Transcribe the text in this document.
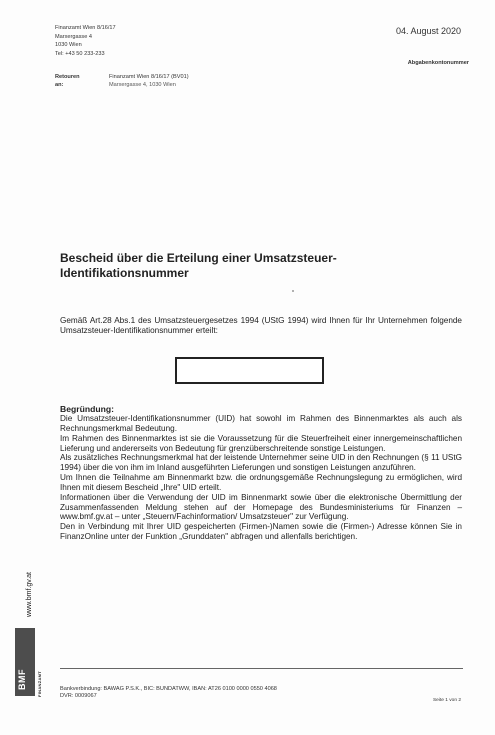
Finanzamt Wien 8/16/17
Marxergasse 4
1030 Wien
Tel: +43 50 233-233
04. August 2020
Abgabenkontonummer
Retouren an:
Finanzamt Wien 8/16/17 (BV01)
Marxergasse 4, 1030 Wien
Bescheid über die Erteilung einer Umsatzsteuer-Identifikationsnummer
Gemäß Art.28 Abs.1 des Umsatzsteuergesetzes 1994 (UStG 1994) wird Ihnen für Ihr Unternehmen folgende Umsatzsteuer-Identifikationsnummer erteilt:
Begründung:

Die Umsatzsteuer-Identifikationsnummer (UID) hat sowohl im Rahmen des Binnenmarktes als auch als Rechnungsmerkmal Bedeutung.

Im Rahmen des Binnenmarktes ist sie die Voraussetzung für die Steuerfreiheit einer innergemeinschaftlichen Lieferung und andererseits von Bedeutung für grenzüberschreitende sonstige Leistungen.

Als zusätzliches Rechnungsmerkmal hat der leistende Unternehmer seine UID in den Rechnungen (§ 11 UStG 1994) über die von ihm im Inland ausgeführten Lieferungen und sonstigen Leistungen anzuführen.

Um Ihnen die Teilnahme am Binnenmarkt bzw. die ordnungsgemäße Rechnungslegung zu ermöglichen, wird Ihnen mit diesem Bescheid „Ihre" UID erteilt.

Informationen über die Verwendung der UID im Binnenmarkt sowie über die elektronische Übermittlung der Zusammenfassenden Meldung stehen auf der Homepage des Bundesministeriums für Finanzen – www.bmf.gv.at – unter „Steuern/Fachinformation/ Umsatzsteuer" zur Verfügung.

Den in Verbindung mit Ihrer UID gespeicherten (Firmen-)Namen sowie die (Firmen-) Adresse können Sie in FinanzOnline unter der Funktion „Grunddaten" abfragen und allenfalls berichtigen.

www.bmf.gv.at
BMF	FINANZAMT	Bankverbindung: BAWAG P.S.K., BIC: BUNDATWW, IBAN: AT26 0100 0000 0550 4068
DVR: 0009067
Seite 1 von 2
